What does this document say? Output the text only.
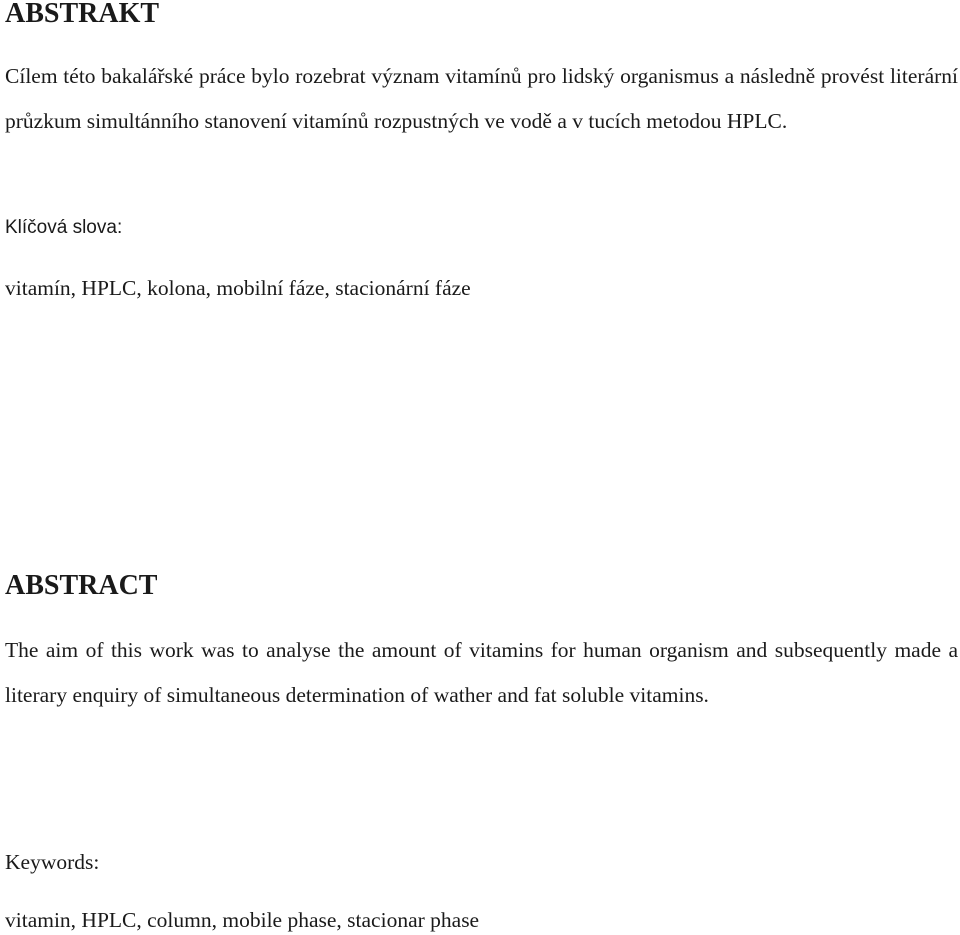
ABSTRAKT
Cílem této bakalářské práce bylo rozebrat význam vitamínů pro lidský organismus a následně provést literární průzkum simultánního stanovení vitamínů rozpustných ve vodě a v tucích metodou HPLC.
Klíčová slova:
vitamín, HPLC, kolona, mobilní fáze, stacionární fáze
ABSTRACT
The aim of this work was to analyse the amount of vitamins for human organism and subsequently made a literary enquiry of simultaneous determination of wather and fat soluble vitamins.
Keywords:
vitamin, HPLC, column, mobile phase, stacionar phase
